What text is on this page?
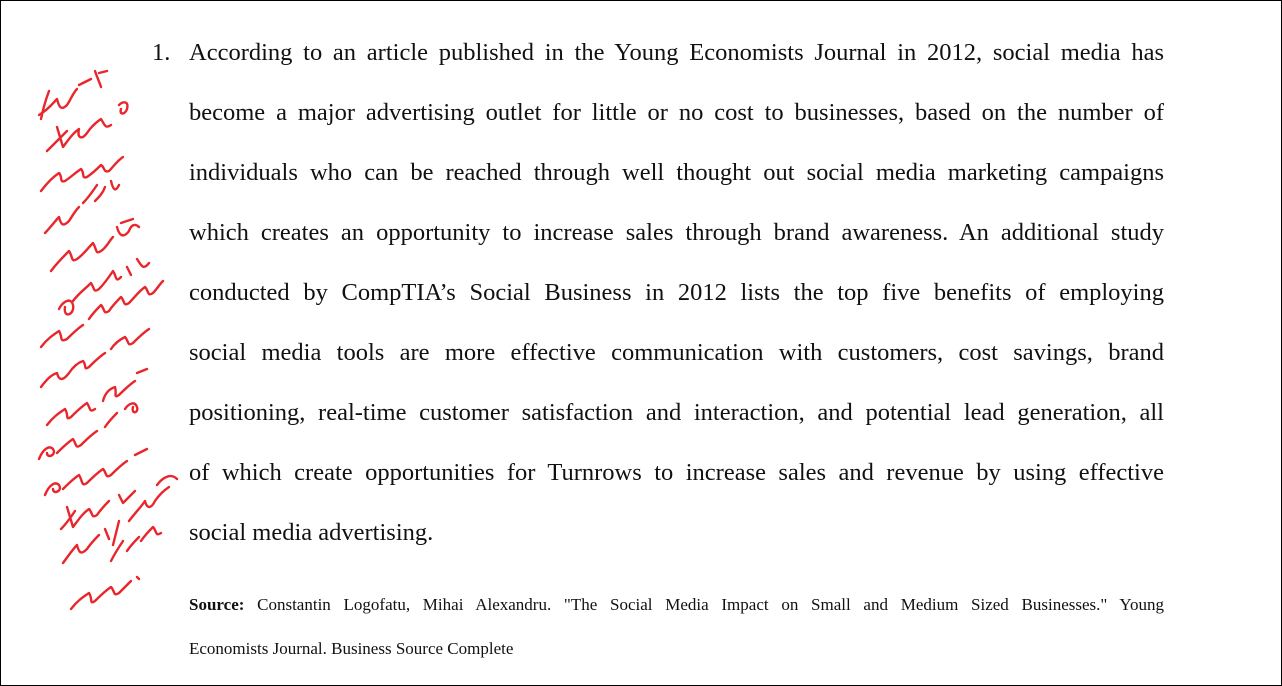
1. According to an article published in the Young Economists Journal in 2012, social media has
become a major advertising outlet for little or no cost to businesses, based on the number of
individuals who can be reached through well thought out social media marketing campaigns
which creates an opportunity to increase sales through brand awareness. An additional study
conducted by CompTIA’s Social Business in 2012 lists the top five benefits of employing
social media tools are more effective communication with customers, cost savings, brand
positioning, real-time customer satisfaction and interaction, and potential lead generation, all
of which create opportunities for Turnrows to increase sales and revenue by using effective
social media advertising.
Source: Constantin Logofatu, Mihai Alexandru. "The Social Media Impact on Small and Medium Sized Businesses." Young
Economists Journal. Business Source Complete
